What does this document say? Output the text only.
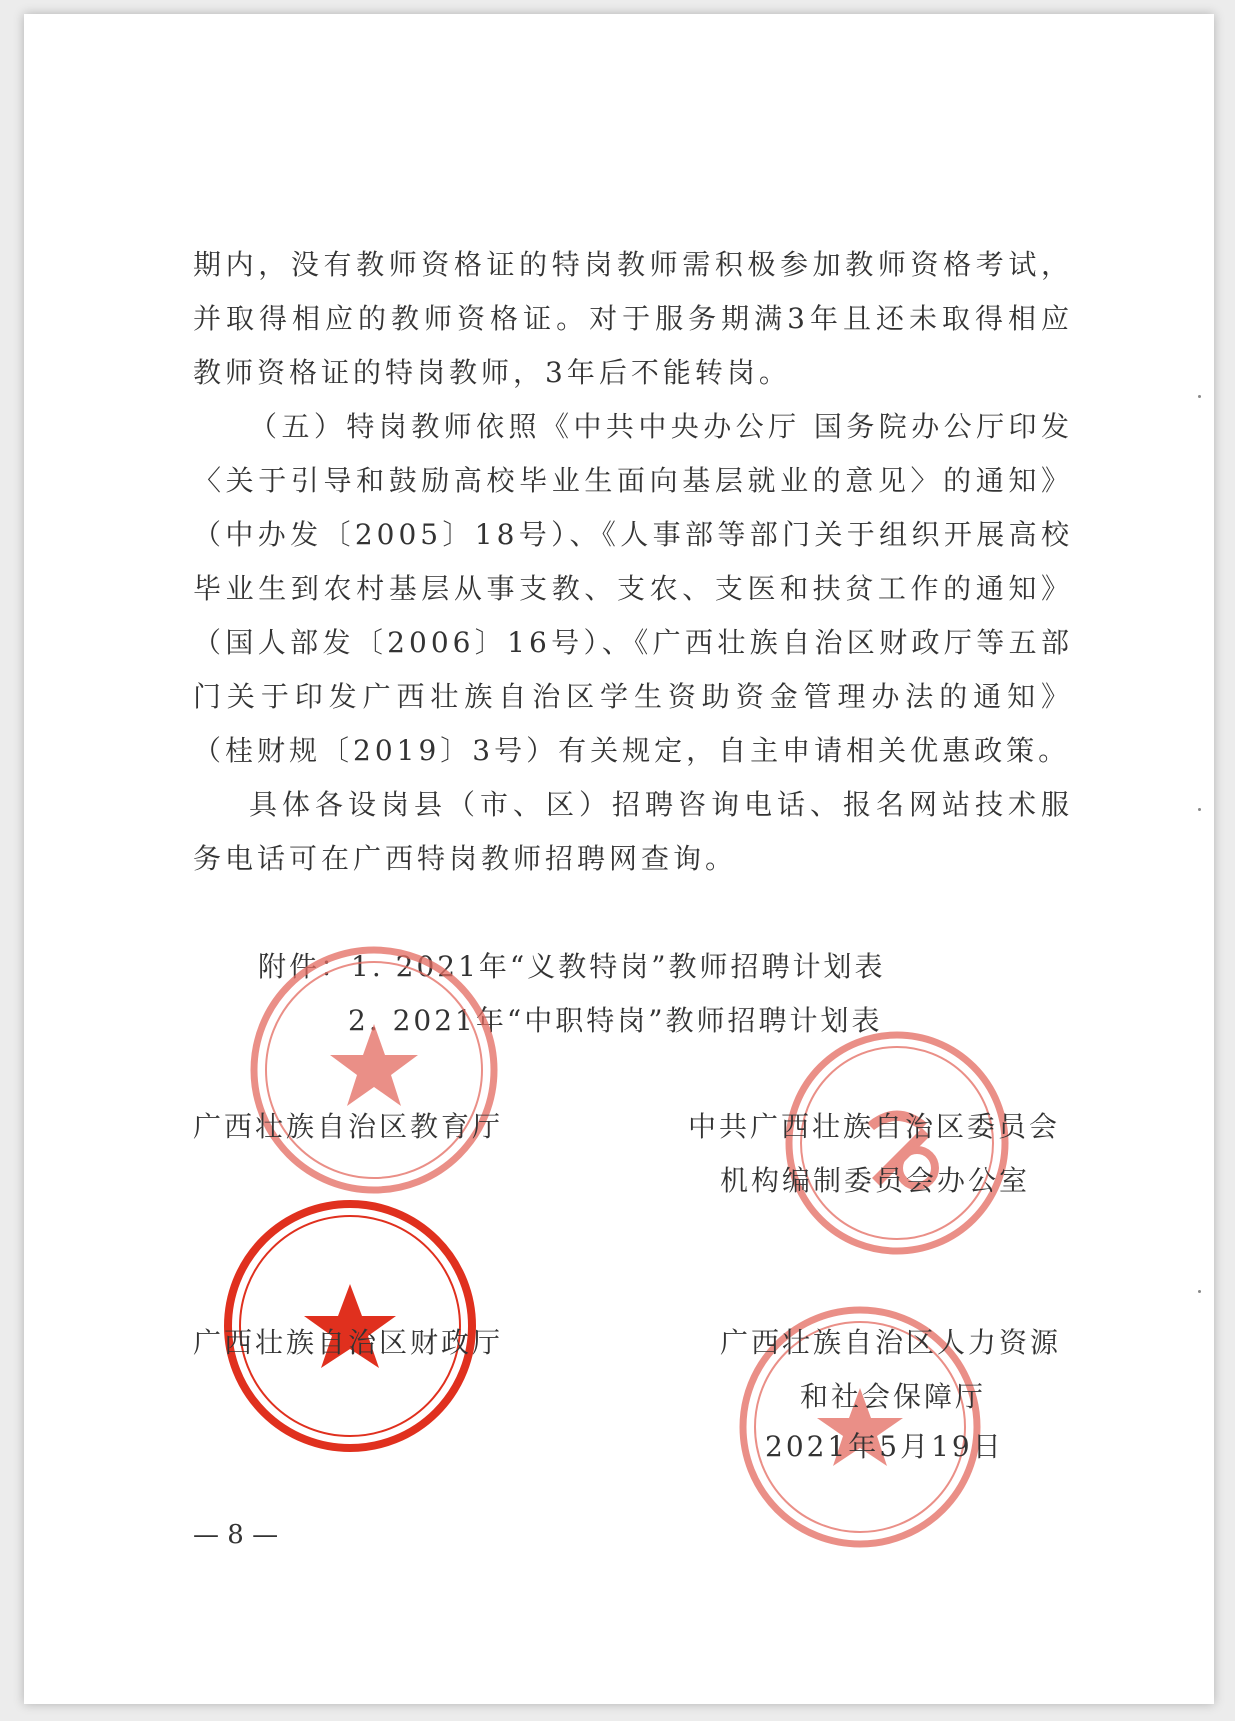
期内，没有教师资格证的特岗教师需积极参加教师资格考试，并取得相应的教师资格证。对于服务期满3年且还未取得相应教师资格证的特岗教师，3年后不能转岗。

（五）特岗教师依照《中共中央办公厅 国务院办公厅印发〈关于引导和鼓励高校毕业生面向基层就业的意见〉的通知》（中办发〔2005〕18号）、《人事部等部门关于组织开展高校毕业生到农村基层从事支教、支农、支医和扶贫工作的通知》（国人部发〔2006〕16号）、《广西壮族自治区财政厅等五部门关于印发广西壮族自治区学生资助资金管理办法的通知》（桂财规〔2019〕3号）有关规定，自主申请相关优惠政策。

具体各设岗县（市、区）招聘咨询电话、报名网站技术服务电话可在广西特岗教师招聘网查询。

附件：1. 2021年“义教特岗”教师招聘计划表
2. 2021年“中职特岗”教师招聘计划表
广西壮族自治区教育厅	中共广西壮族自治区委员会
机构编制委员会办公室
广西壮族自治区财政厅	广西壮族自治区人力资源
和社会保障厅
2021年5月19日
— 8 —
